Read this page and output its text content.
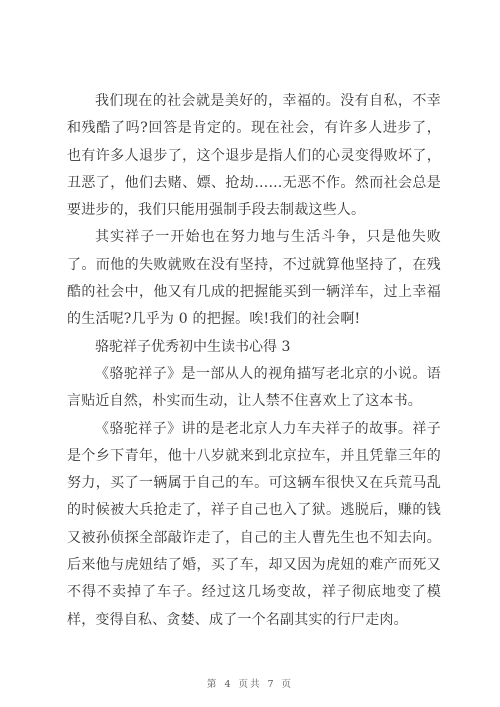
我们现在的社会就是美好的，幸福的。没有自私，不幸和残酷了吗?回答是肯定的。现在社会，有许多人进步了，也有许多人退步了，这个退步是指人们的心灵变得败坏了，丑恶了，他们去赌、嫖、抢劫……无恶不作。然而社会总是要进步的，我们只能用强制手段去制裁这些人。

其实祥子一开始也在努力地与生活斗争，只是他失败了。而他的失败就败在没有坚持，不过就算他坚持了，在残酷的社会中，他又有几成的把握能买到一辆洋车，过上幸福的生活呢?几乎为 0 的把握。唉!我们的社会啊!

骆驼祥子优秀初中生读书心得 3

《骆驼祥子》是一部从人的视角描写老北京的小说。语言贴近自然，朴实而生动，让人禁不住喜欢上了这本书。

《骆驼祥子》讲的是老北京人力车夫祥子的故事。祥子是个乡下青年，他十八岁就来到北京拉车，并且凭靠三年的努力，买了一辆属于自己的车。可这辆车很快又在兵荒马乱的时候被大兵抢走了，祥子自己也入了狱。逃脱后，赚的钱又被孙侦探全部敲诈走了，自己的主人曹先生也不知去向。后来他与虎妞结了婚，买了车，却又因为虎妞的难产而死又不得不卖掉了车子。经过这几场变故，祥子彻底地变了模样，变得自私、贪婪、成了一个名副其实的行尸走肉。

第 4 页共 7 页
